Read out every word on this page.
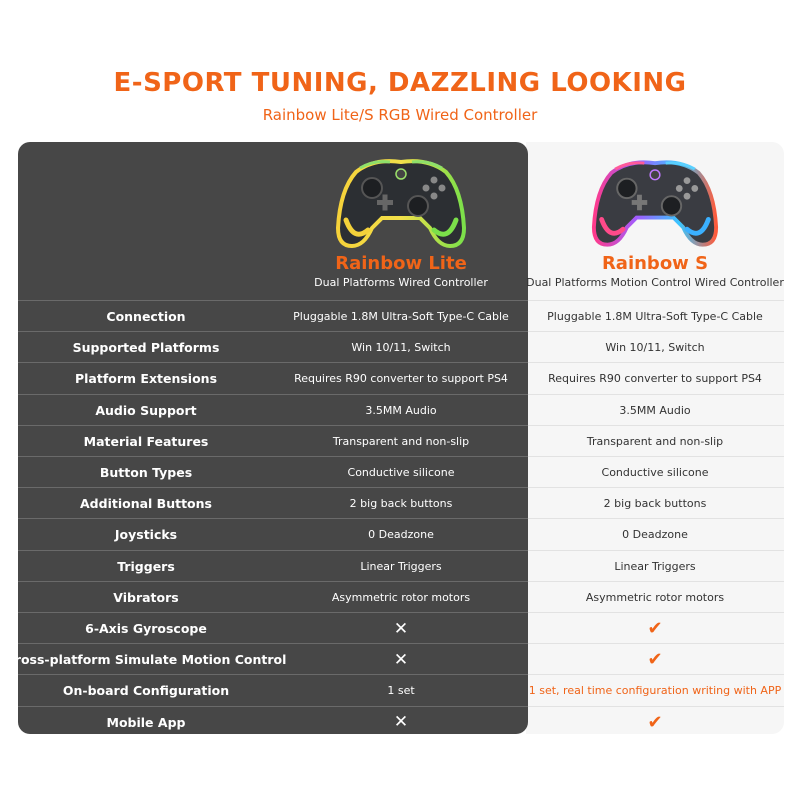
E-SPORT TUNING, DAZZLING LOOKING

Rainbow Lite/S RGB Wired Controller

Rainbow Lite

Dual Platforms Wired Controller

Rainbow S

Dual Platforms Motion Control Wired Controller

Connection	Pluggable 1.8M Ultra-Soft Type-C Cable	Pluggable 1.8M Ultra-Soft Type-C Cable
Supported Platforms	Win 10/11, Switch	Win 10/11, Switch
Platform Extensions	Requires R90 converter to support PS4	Requires R90 converter to support PS4
Audio Support	3.5MM Audio	3.5MM Audio
Material Features	Transparent and non-slip	Transparent and non-slip
Button Types	Conductive silicone	Conductive silicone
Additional Buttons	2 big back buttons	2 big back buttons
Joysticks	0 Deadzone	0 Deadzone
Triggers	Linear Triggers	Linear Triggers
Vibrators	Asymmetric rotor motors	Asymmetric rotor motors
6-Axis Gyroscope	✕	✔
Cross-platform Simulate Motion Control	✕	✔
On-board Configuration	1 set	1 set, real time configuration writing with APP
Mobile App	✕	✔
